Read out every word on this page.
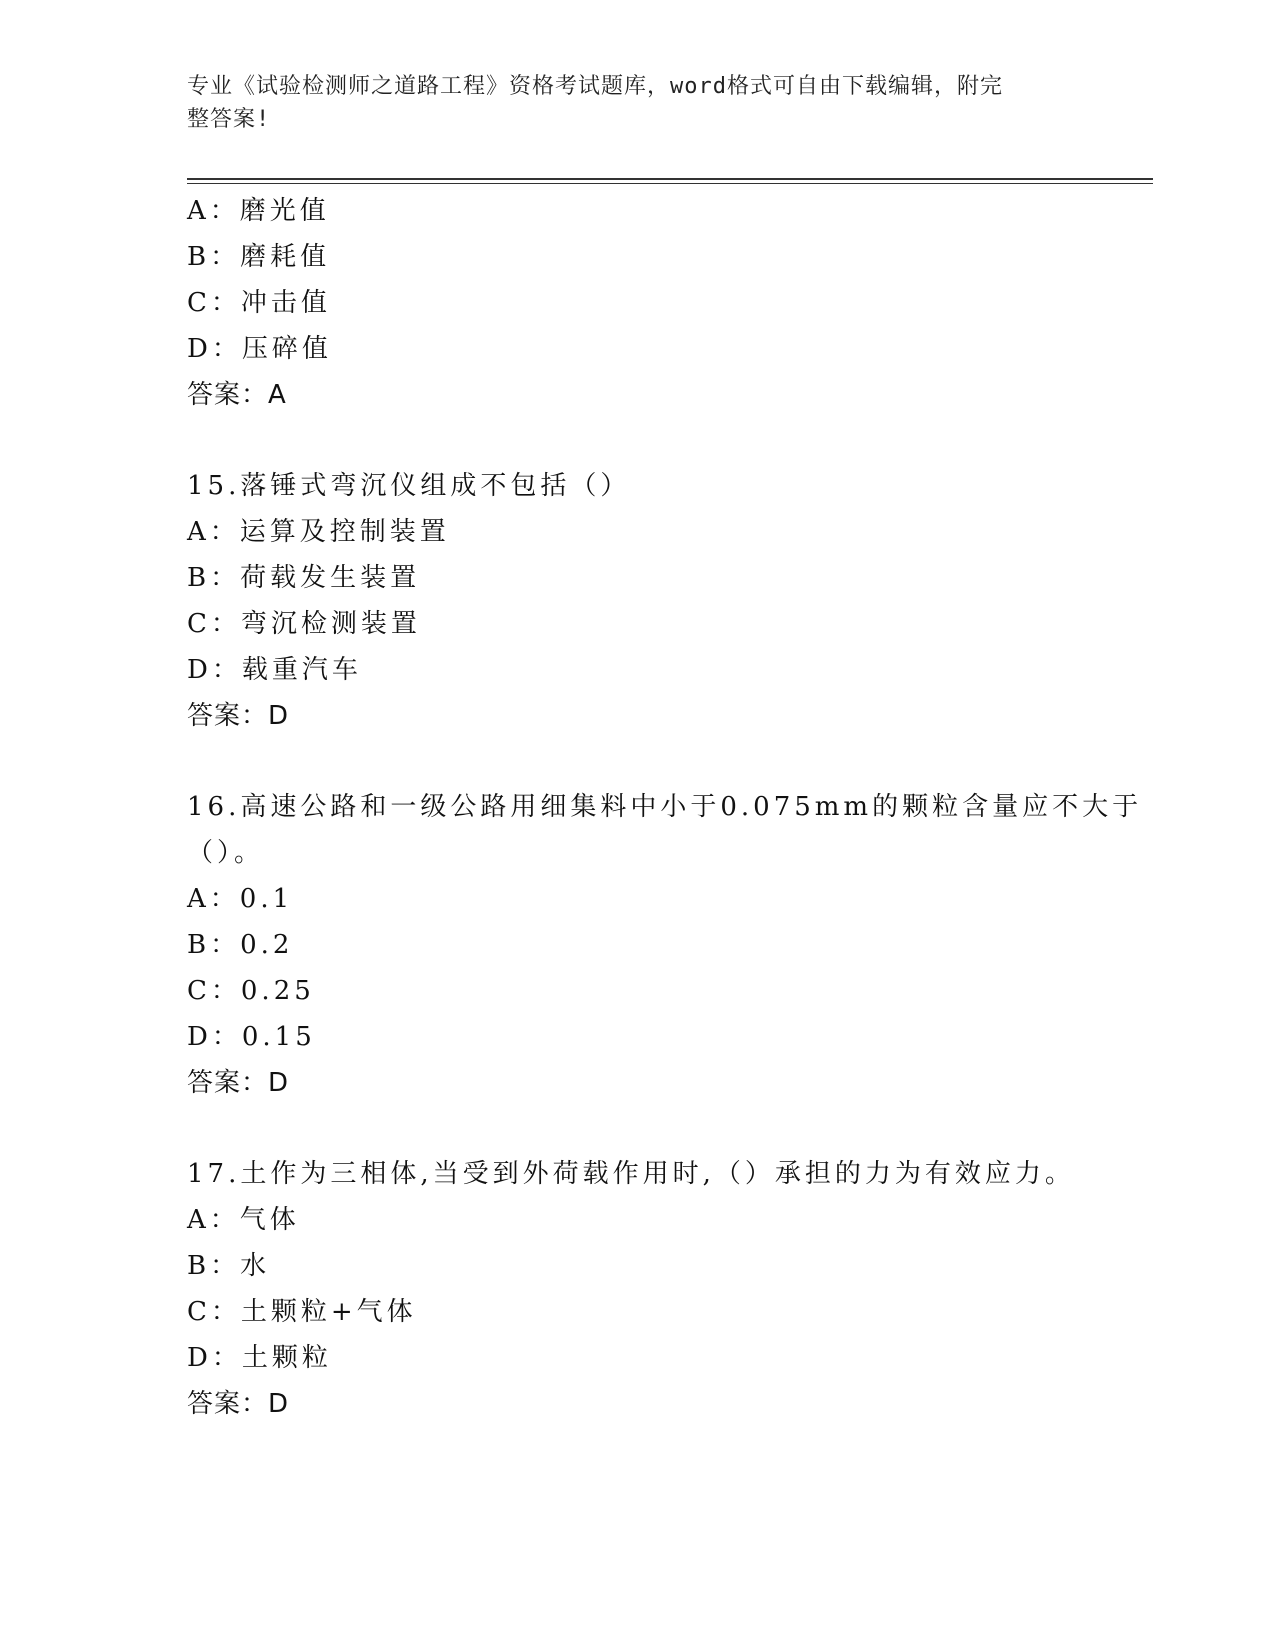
专业《试验检测师之道路工程》资格考试题库，word格式可自由下载编辑，附完
整答案!
A：磨光值
B：磨耗值
C：冲击值
D：压碎值
答案：A
15.落锤式弯沉仪组成不包括（）
A：运算及控制装置
B：荷载发生装置
C：弯沉检测装置
D：载重汽车
答案：D
16.高速公路和一级公路用细集料中小于0.075mm的颗粒含量应不大于
（）。
A：0.1
B：0.2
C：0.25
D：0.15
答案：D
17.土作为三相体,当受到外荷载作用时,（）承担的力为有效应力。
A：气体
B：水
C：土颗粒+气体
D：土颗粒
答案：D
